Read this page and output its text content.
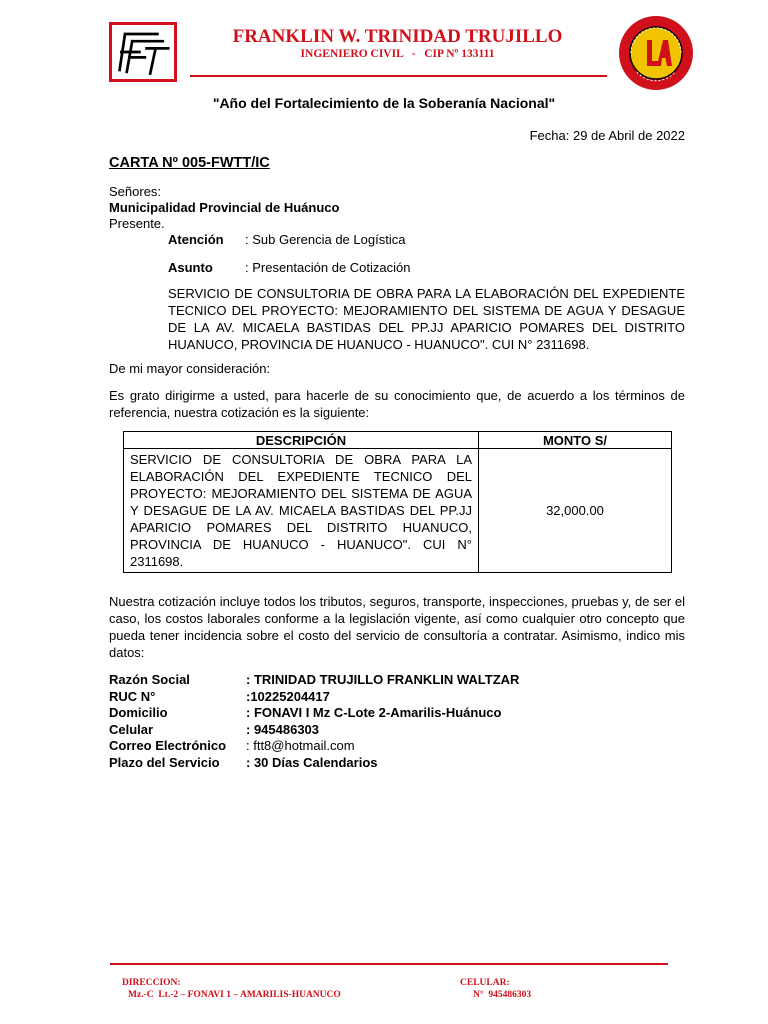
FRANKLIN W. TRINIDAD TRUJILLO
INGENIERO CIVIL   -   CIP Nº 133111
"Año del Fortalecimiento de la Soberanía Nacional"
Fecha: 29 de Abril de 2022
CARTA Nº 005-FWTT/IC
Señores:
Municipalidad Provincial de Huánuco
Presente.
Atención : Sub Gerencia de Logística
Asunto : Presentación de Cotización
SERVICIO DE CONSULTORIA DE OBRA PARA LA ELABORACIÓN DEL EXPEDIENTE TECNICO DEL PROYECTO: MEJORAMIENTO DEL SISTEMA DE AGUA Y DESAGUE DE LA AV. MICAELA BASTIDAS DEL PP.JJ APARICIO POMARES DEL DISTRITO HUANUCO, PROVINCIA DE HUANUCO - HUANUCO". CUI N° 2311698.
De mi mayor consideración:
Es grato dirigirme a usted, para hacerle de su conocimiento que, de acuerdo a los términos de referencia, nuestra cotización es la siguiente:
DESCRIPCIÓN	MONTO S/
SERVICIO DE CONSULTORIA DE OBRA PARA LA ELABORACIÓN DEL EXPEDIENTE TECNICO DEL PROYECTO: MEJORAMIENTO DEL SISTEMA DE AGUA Y DESAGUE DE LA AV. MICAELA BASTIDAS DEL PP.JJ APARICIO POMARES DEL DISTRITO HUANUCO, PROVINCIA DE HUANUCO - HUANUCO". CUI N° 2311698.	32,000.00
Nuestra cotización incluye todos los tributos, seguros, transporte, inspecciones, pruebas y, de ser el caso, los costos laborales conforme a la legislación vigente, así como cualquier otro concepto que pueda tener incidencia sobre el costo del servicio de consultoría a contratar. Asimismo, indico mis datos:
Razón Social	: TRINIDAD TRUJILLO FRANKLIN WALTZAR
RUC N°	:10225204417
Domicilio	: FONAVI I Mz C-Lote 2-Amarilis-Huánuco
Celular	: 945486303
Correo Electrónico	: ftt8@hotmail.com
Plazo del Servicio	: 30 Días Calendarios
DIRECCION:
Mz.-C  Lt.-2 – FONAVI 1 – AMARILIS-HUANUCO
CELULAR:
N°  945486303
